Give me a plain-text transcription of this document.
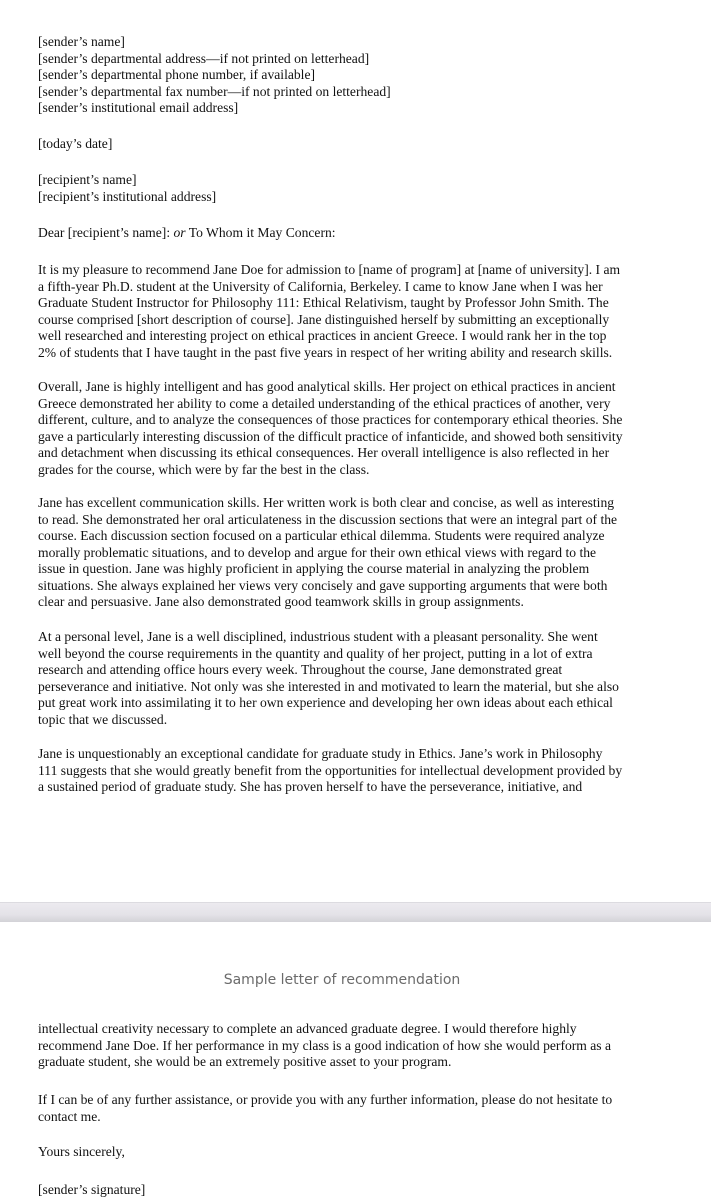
[sender’s name]
[sender’s departmental address—if not printed on letterhead]
[sender’s departmental phone number, if available]
[sender’s departmental fax number—if not printed on letterhead]
[sender’s institutional email address]
[today’s date]
[recipient’s name]
[recipient’s institutional address]
Dear [recipient’s name]: or To Whom it May Concern:
It is my pleasure to recommend Jane Doe for admission to [name of program] at [name of university]. I am
a fifth-year Ph.D. student at the University of California, Berkeley. I came to know Jane when I was her
Graduate Student Instructor for Philosophy 111: Ethical Relativism, taught by Professor John Smith. The
course comprised [short description of course]. Jane distinguished herself by submitting an exceptionally
well researched and interesting project on ethical practices in ancient Greece. I would rank her in the top
2% of students that I have taught in the past five years in respect of her writing ability and research skills.
Overall, Jane is highly intelligent and has good analytical skills. Her project on ethical practices in ancient
Greece demonstrated her ability to come a detailed understanding of the ethical practices of another, very
different, culture, and to analyze the consequences of those practices for contemporary ethical theories. She
gave a particularly interesting discussion of the difficult practice of infanticide, and showed both sensitivity
and detachment when discussing its ethical consequences. Her overall intelligence is also reflected in her
grades for the course, which were by far the best in the class.
Jane has excellent communication skills. Her written work is both clear and concise, as well as interesting
to read. She demonstrated her oral articulateness in the discussion sections that were an integral part of the
course. Each discussion section focused on a particular ethical dilemma. Students were required analyze
morally problematic situations, and to develop and argue for their own ethical views with regard to the
issue in question. Jane was highly proficient in applying the course material in analyzing the problem
situations. She always explained her views very concisely and gave supporting arguments that were both
clear and persuasive. Jane also demonstrated good teamwork skills in group assignments.
At a personal level, Jane is a well disciplined, industrious student with a pleasant personality. She went
well beyond the course requirements in the quantity and quality of her project, putting in a lot of extra
research and attending office hours every week. Throughout the course, Jane demonstrated great
perseverance and initiative. Not only was she interested in and motivated to learn the material, but she also
put great work into assimilating it to her own experience and developing her own ideas about each ethical
topic that we discussed.
Jane is unquestionably an exceptional candidate for graduate study in Ethics. Jane’s work in Philosophy
111 suggests that she would greatly benefit from the opportunities for intellectual development provided by
a sustained period of graduate study. She has proven herself to have the perseverance, initiative, and
Sample letter of recommendation
intellectual creativity necessary to complete an advanced graduate degree. I would therefore highly
recommend Jane Doe. If her performance in my class is a good indication of how she would perform as a
graduate student, she would be an extremely positive asset to your program.
If I can be of any further assistance, or provide you with any further information, please do not hesitate to
contact me.
Yours sincerely,
[sender’s signature]
